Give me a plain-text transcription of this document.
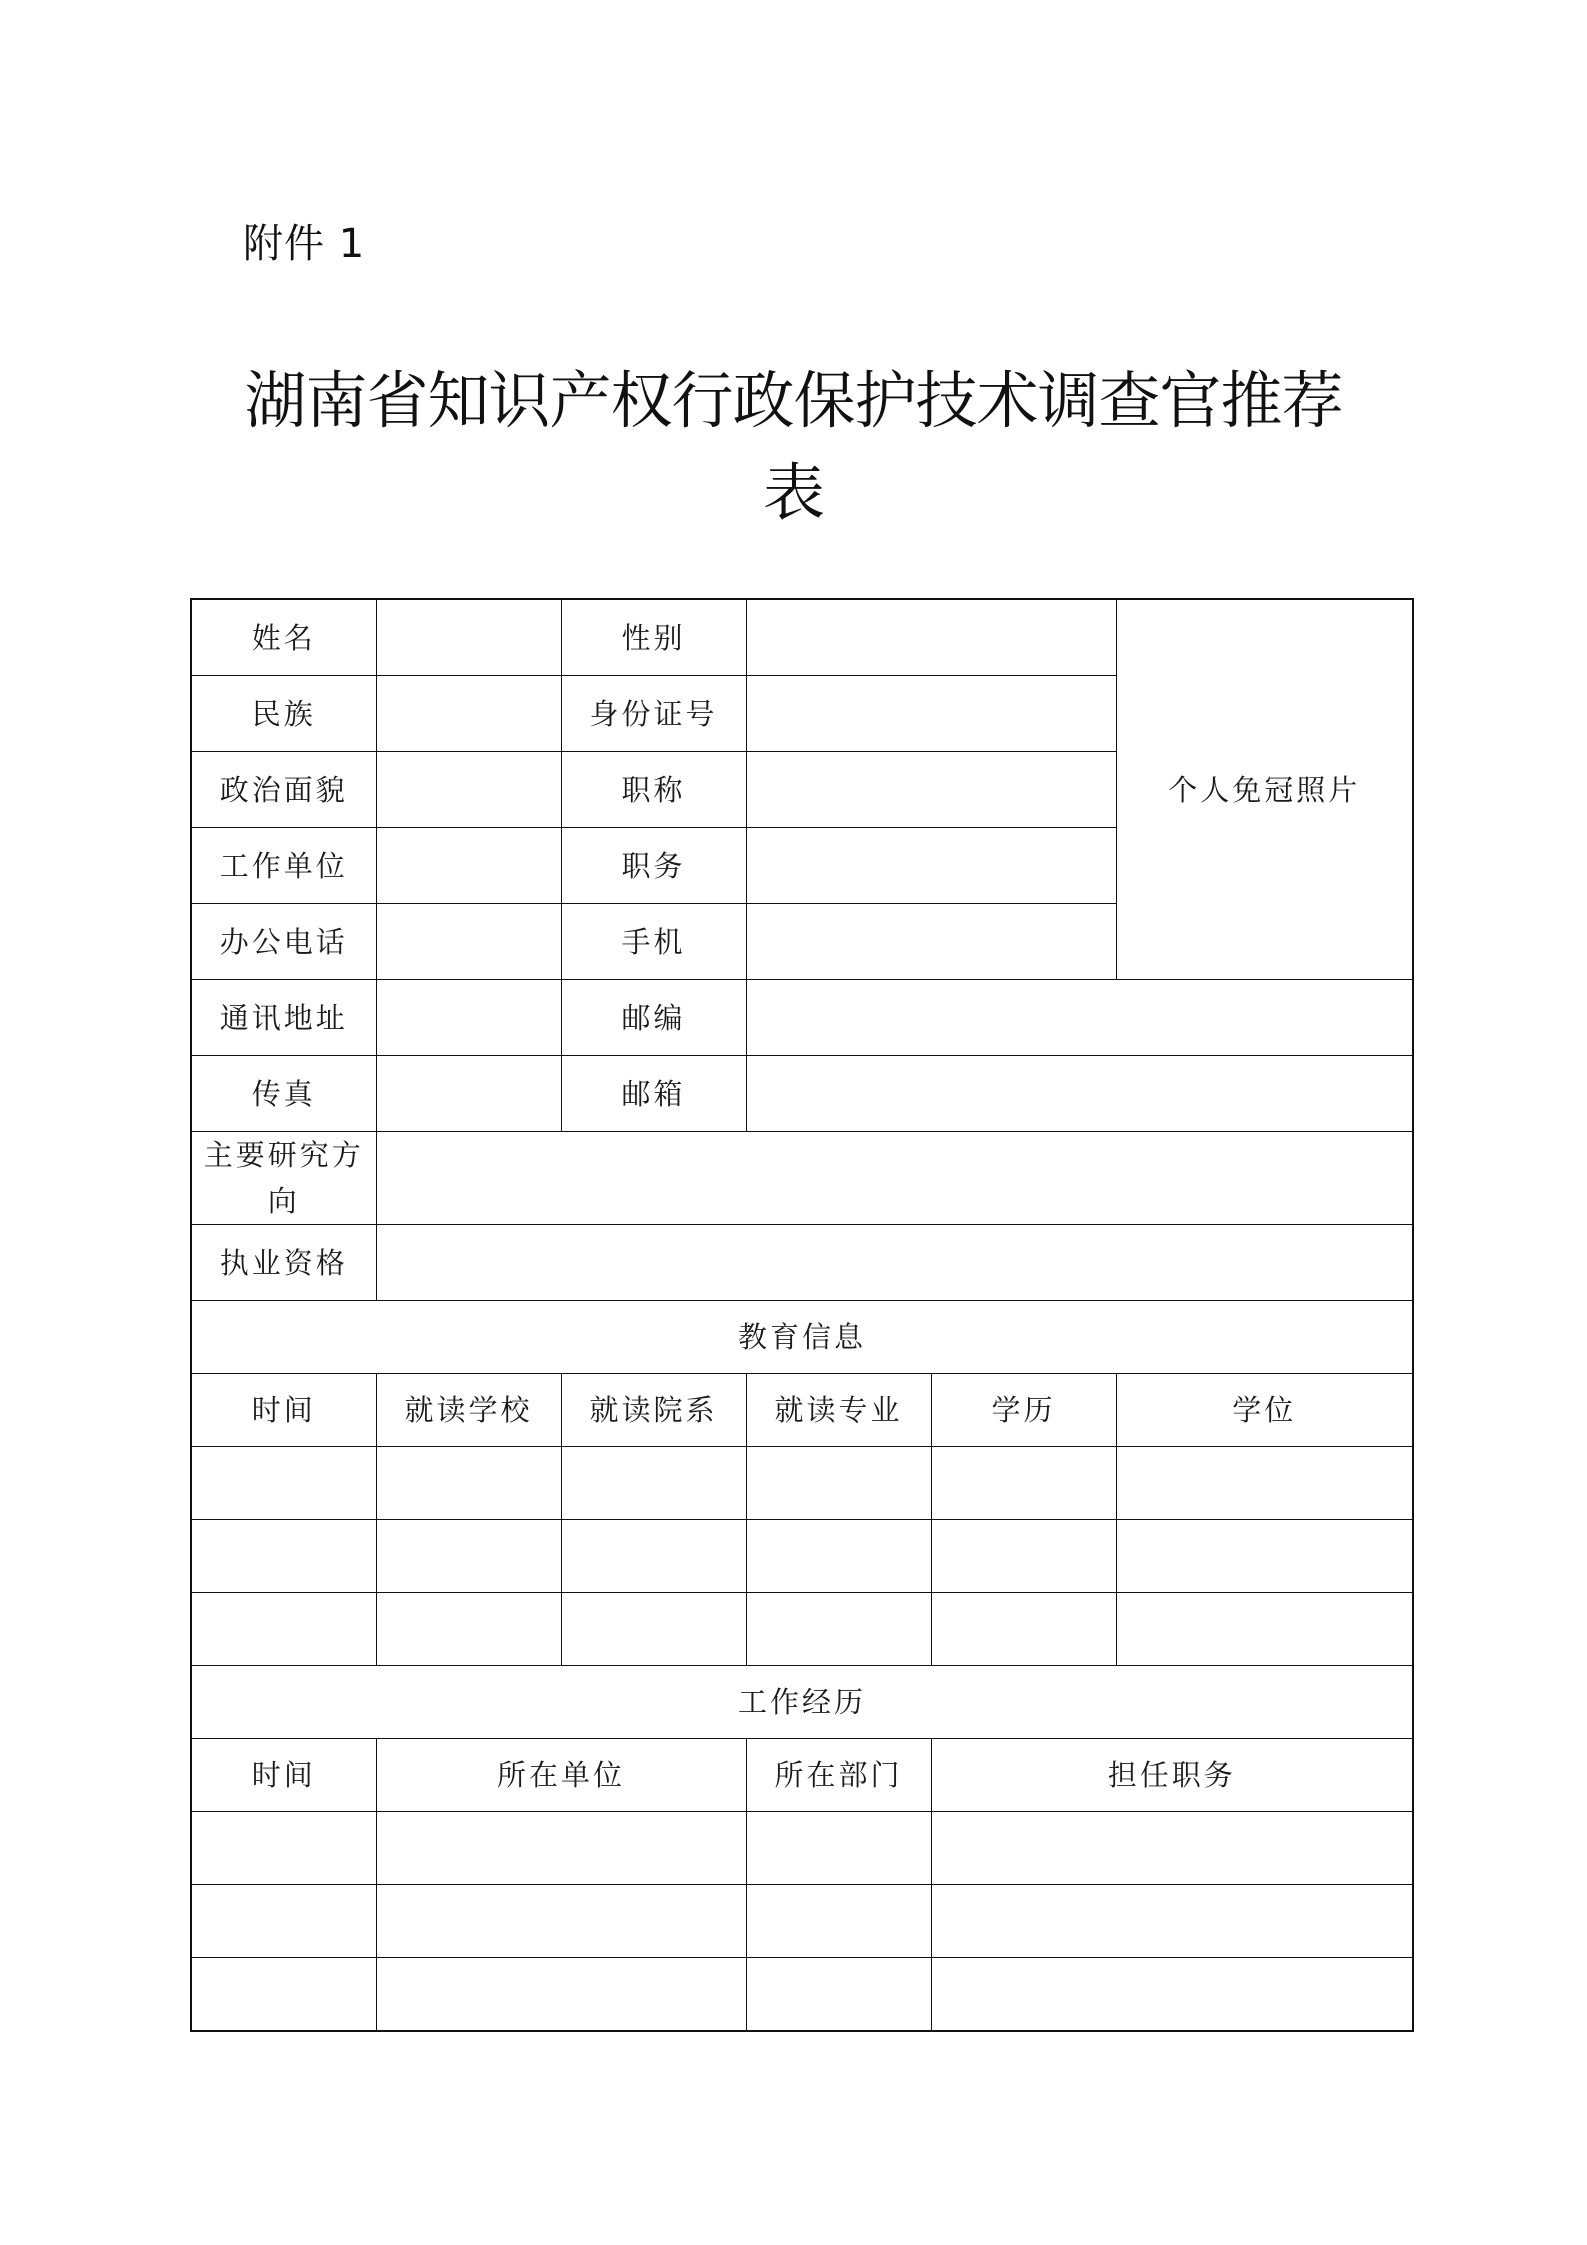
附件 1
湖南省知识产权行政保护技术调查官推荐
表
姓名		性别			个人免冠照片
民族		身份证号			
政治面貌		职称			
工作单位		职务			
办公电话		手机			
通讯地址		邮编			
传真		邮箱			
主要研究方向					
执业资格					
教育信息					
时间	就读学校	就读院系	就读专业	学历	学位

工作经历					
时间	所在单位		所在部门	担任职务	
